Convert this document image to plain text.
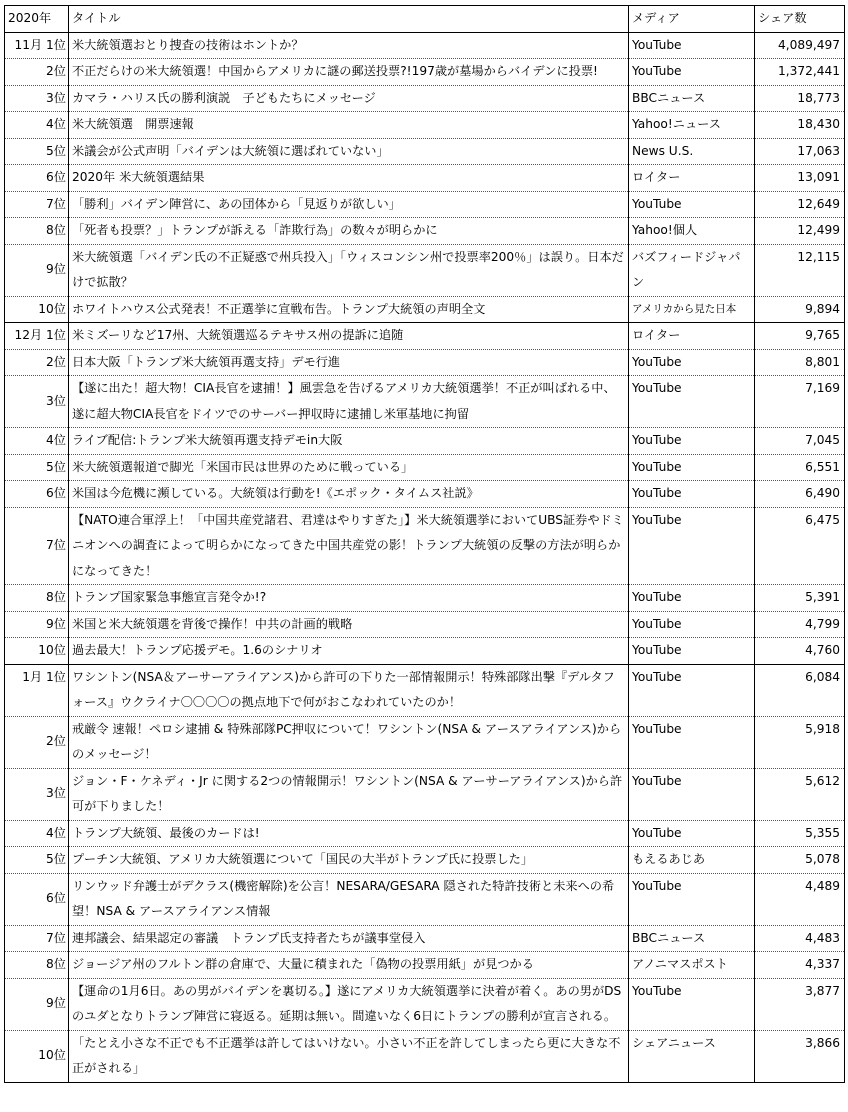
2020年	タイトル	メディア	シェア数
11月 1位	米大統領選おとり捜査の技術はホントか？	YouTube	4,089,497
2位	不正だらけの米大統領選！中国からアメリカに謎の郵送投票?!197歳が墓場からバイデンに投票!	YouTube	1,372,441
3位	カマラ・ハリス氏の勝利演説　子どもたちにメッセージ	BBCニュース	18,773
4位	米大統領選　開票速報	Yahoo!ニュース	18,430
5位	米議会が公式声明「バイデンは大統領に選ばれていない」	News U.S.	17,063
6位	2020年 米大統領選結果	ロイター	13,091
7位	「勝利」バイデン陣営に、あの団体から「見返りが欲しい」	YouTube	12,649
8位	「死者も投票？」トランプが訴える「詐欺行為」の数々が明らかに	Yahoo!個人	12,499
9位	米大統領選「バイデン氏の不正疑惑で州兵投入」「ウィスコンシン州で投票率200％」は誤り。日本だけで拡散？	バズフィードジャパン	12,115
10位	ホワイトハウス公式発表！不正選挙に宣戦布告。トランプ大統領の声明全文	アメリカから見た日本	9,894
12月 1位	米ミズーリなど17州、大統領選巡るテキサス州の提訴に追随	ロイター	9,765
2位	日本大阪「トランプ米大統領再選支持」デモ行進	YouTube	8,801
3位	【遂に出た！超大物！CIA長官を逮捕！】風雲急を告げるアメリカ大統領選挙！不正が叫ばれる中、遂に超大物CIA長官をドイツでのサーバー押収時に逮捕し米軍基地に拘留	YouTube	7,169
4位	ライブ配信:トランプ米大統領再選支持デモin大阪	YouTube	7,045
5位	米大統領選報道で脚光「米国市民は世界のために戦っている」	YouTube	6,551
6位	米国は今危機に瀕している。大統領は行動を!《エポック・タイムス社説》	YouTube	6,490
7位	【NATO連合軍浮上！「中国共産党諸君、君達はやりすぎた」】米大統領選挙においてUBS証券やドミニオンへの調査によって明らかになってきた中国共産党の影！トランプ大統領の反撃の方法が明らかになってきた！	YouTube	6,475
8位	トランプ国家緊急事態宣言発令か!?	YouTube	5,391
9位	米国と米大統領選を背後で操作！中共の計画的戦略	YouTube	4,799
10位	過去最大！トランプ応援デモ。1.6のシナリオ	YouTube	4,760
1月 1位	ワシントン(NSA＆アーサーアライアンス)から許可の下りた一部情報開示！特殊部隊出撃『デルタフォース』ウクライナ〇〇〇〇の拠点地下で何がおこなわれていたのか！	YouTube	6,084
2位	戒厳令 速報！ペロシ逮捕 & 特殊部隊PC押収について！ワシントン(NSA & アースアライアンス)からのメッセージ！	YouTube	5,918
3位	ジョン・F・ケネディ・Jr に関する2つの情報開示！ワシントン(NSA & アーサーアライアンス)から許可が下りました！	YouTube	5,612
4位	トランプ大統領、最後のカードは!	YouTube	5,355
5位	プーチン大統領、アメリカ大統領選について「国民の大半がトランプ氏に投票した」	もえるあじあ	5,078
6位	リンウッド弁護士がデクラス(機密解除)を公言！NESARA/GESARA 隠された特許技術と未来への希望！NSA & アースアライアンス情報	YouTube	4,489
7位	連邦議会、結果認定の審議　トランプ氏支持者たちが議事堂侵入	BBCニュース	4,483
8位	ジョージア州のフルトン群の倉庫で、大量に積まれた「偽物の投票用紙」が見つかる	アノニマスポスト	4,337
9位	【運命の1月6日。あの男がバイデンを裏切る。】遂にアメリカ大統領選挙に決着が着く。あの男がDSのユダとなりトランプ陣営に寝返る。延期は無い。間違いなく6日にトランプの勝利が宣言される。	YouTube	3,877
10位	「たとえ小さな不正でも不正選挙は許してはいけない。小さい不正を許してしまったら更に大きな不正がされる」	シェアニュース	3,866
